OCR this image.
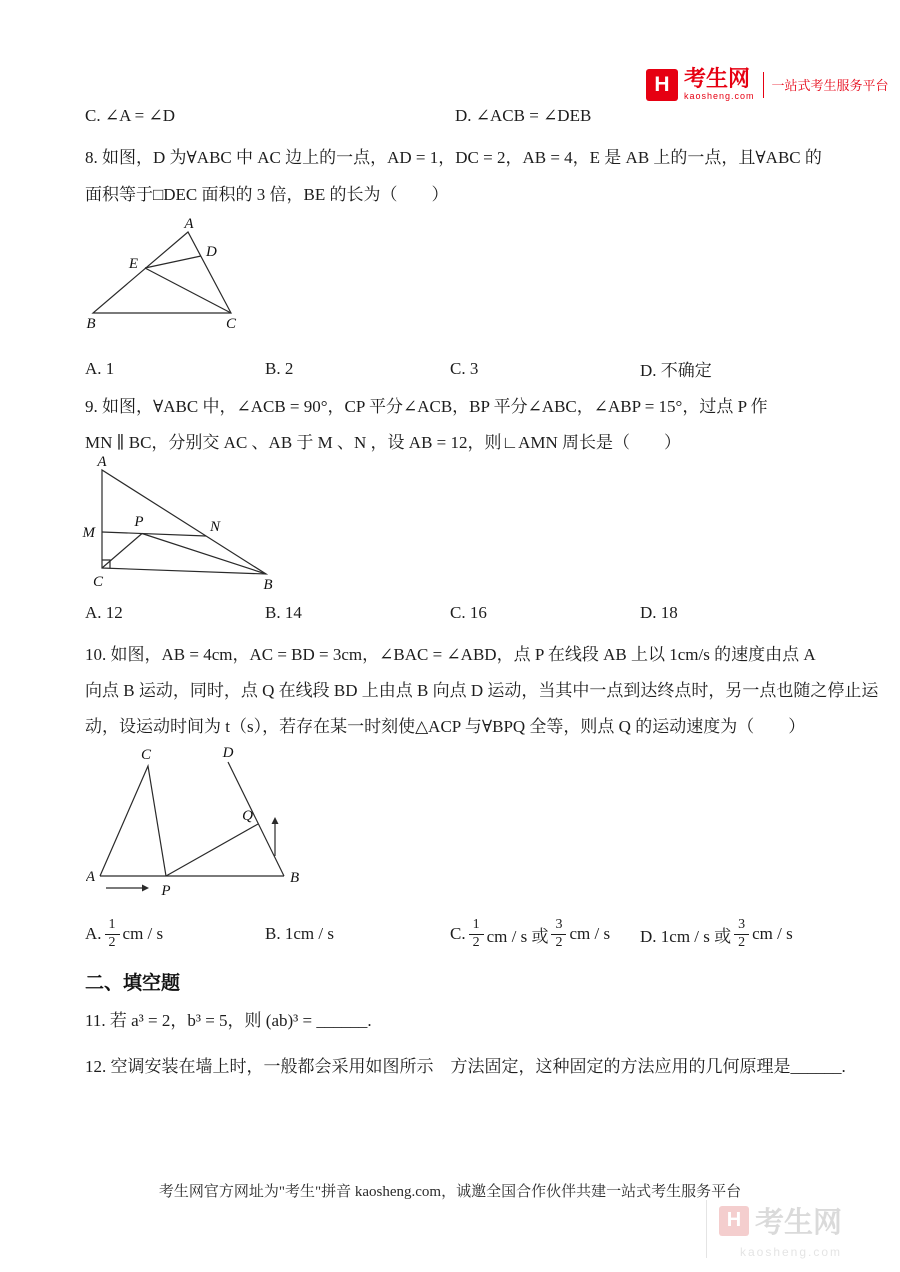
H 考生网
kaosheng.com
一站式考生服务平台
C. ∠A = ∠D	D. ∠ACB = ∠DEB
8. 如图，D 为∀ABC 中 AC 边上的一点，AD = 1，DC = 2，AB = 4，E 是 AB 上的一点，且∀ABC 的
面积等于□DEC 面积的 3 倍，BE 的长为（　　）
A
D
E
B	C
A. 1	B. 2	C. 3	D. 不确定
9. 如图，∀ABC 中，∠ACB = 90°，CP 平分∠ACB，BP 平分∠ABC，∠ABP = 15°，过点 P 作
MN ∥ BC，分别交 AC 、AB 于 M 、N ，设 AB = 12，则∟AMN 周长是（　　）
A
M
P	N
C	B
A. 12	B. 14	C. 16	D. 18
10. 如图，AB = 4cm，AC = BD = 3cm，∠BAC = ∠ABD，点 P 在线段 AB 上以 1cm/s 的速度由点 A
向点 B 运动，同时，点 Q 在线段 BD 上由点 B 向点 D 运动，当其中一点到达终点时，另一点也随之停止运
动，设运动时间为 t（s），若存在某一时刻使△ACP 与∀BPQ 全等，则点 Q 的运动速度为（　　）
C	D
Q
A
P
B
A. $\frac{1}{2}$ cm / s	B. 1cm / s	C. $\frac{1}{2}$ cm / s 或 $\frac{3}{2}$ cm / s D. 1cm / s 或 $\frac{3}{2}$ cm / s
二、填空题
11. 若 a³ = 2，b³ = 5，则 (ab)³ = ______.
12. 空调安装在墙上时，一般都会采用如图所示　方法固定，这种固定的方法应用的几何原理是______.
考生网官方网址为"考生"拼音 kaosheng.com，诚邀全国合作伙伴共建一站式考生服务平台
H 考生网
kaosheng.com
